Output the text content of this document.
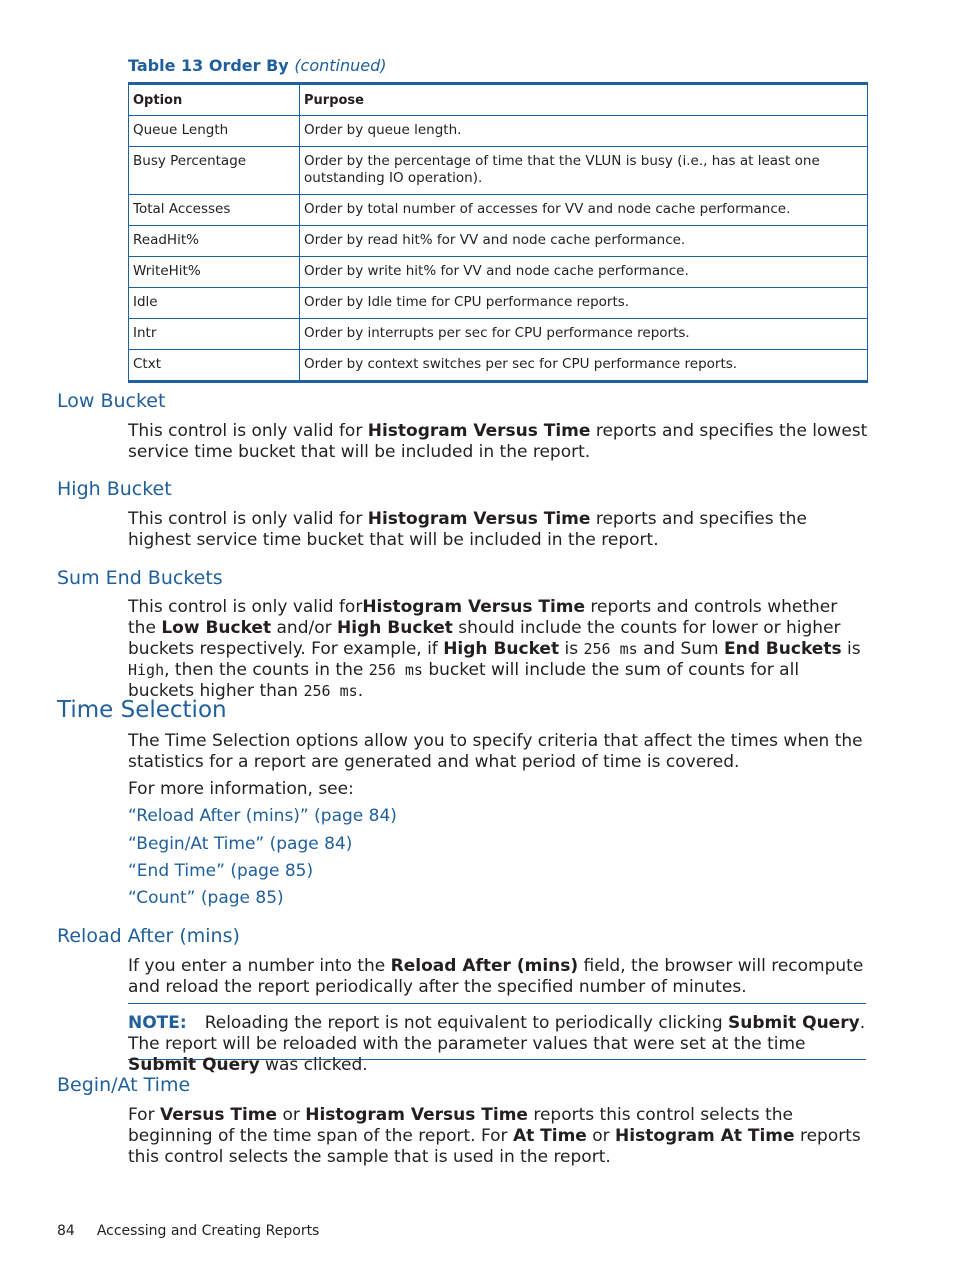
Table 13 Order By (continued)
Option	Purpose
Queue Length	Order by queue length.
Busy Percentage	Order by the percentage of time that the VLUN is busy (i.e., has at least one outstanding IO operation).
Total Accesses	Order by total number of accesses for VV and node cache performance.
ReadHit%	Order by read hit% for VV and node cache performance.
WriteHit%	Order by write hit% for VV and node cache performance.
Idle	Order by Idle time for CPU performance reports.
Intr	Order by interrupts per sec for CPU performance reports.
Ctxt	Order by context switches per sec for CPU performance reports.
Low Bucket
This control is only valid for Histogram Versus Time reports and specifies the lowest service time bucket that will be included in the report.
High Bucket
This control is only valid for Histogram Versus Time reports and specifies the highest service time bucket that will be included in the report.
Sum End Buckets
This control is only valid forHistogram Versus Time reports and controls whether the Low Bucket and/or High Bucket should include the counts for lower or higher buckets respectively. For example, if High Bucket is 256 ms and Sum End Buckets is High, then the counts in the 256 ms bucket will include the sum of counts for all buckets higher than 256 ms.
Time Selection
The Time Selection options allow you to specify criteria that affect the times when the statistics for a report are generated and what period of time is covered.
For more information, see:
“Reload After (mins)” (page 84)
“Begin/At Time” (page 84)
“End Time” (page 85)
“Count” (page 85)
Reload After (mins)
If you enter a number into the Reload After (mins) field, the browser will recompute and reload the report periodically after the specified number of minutes.
NOTE: Reloading the report is not equivalent to periodically clicking Submit Query. The report will be reloaded with the parameter values that were set at the time Submit Query was clicked.
Begin/At Time
For Versus Time or Histogram Versus Time reports this control selects the beginning of the time span of the report. For At Time or Histogram At Time reports this control selects the sample that is used in the report.
84 Accessing and Creating Reports
